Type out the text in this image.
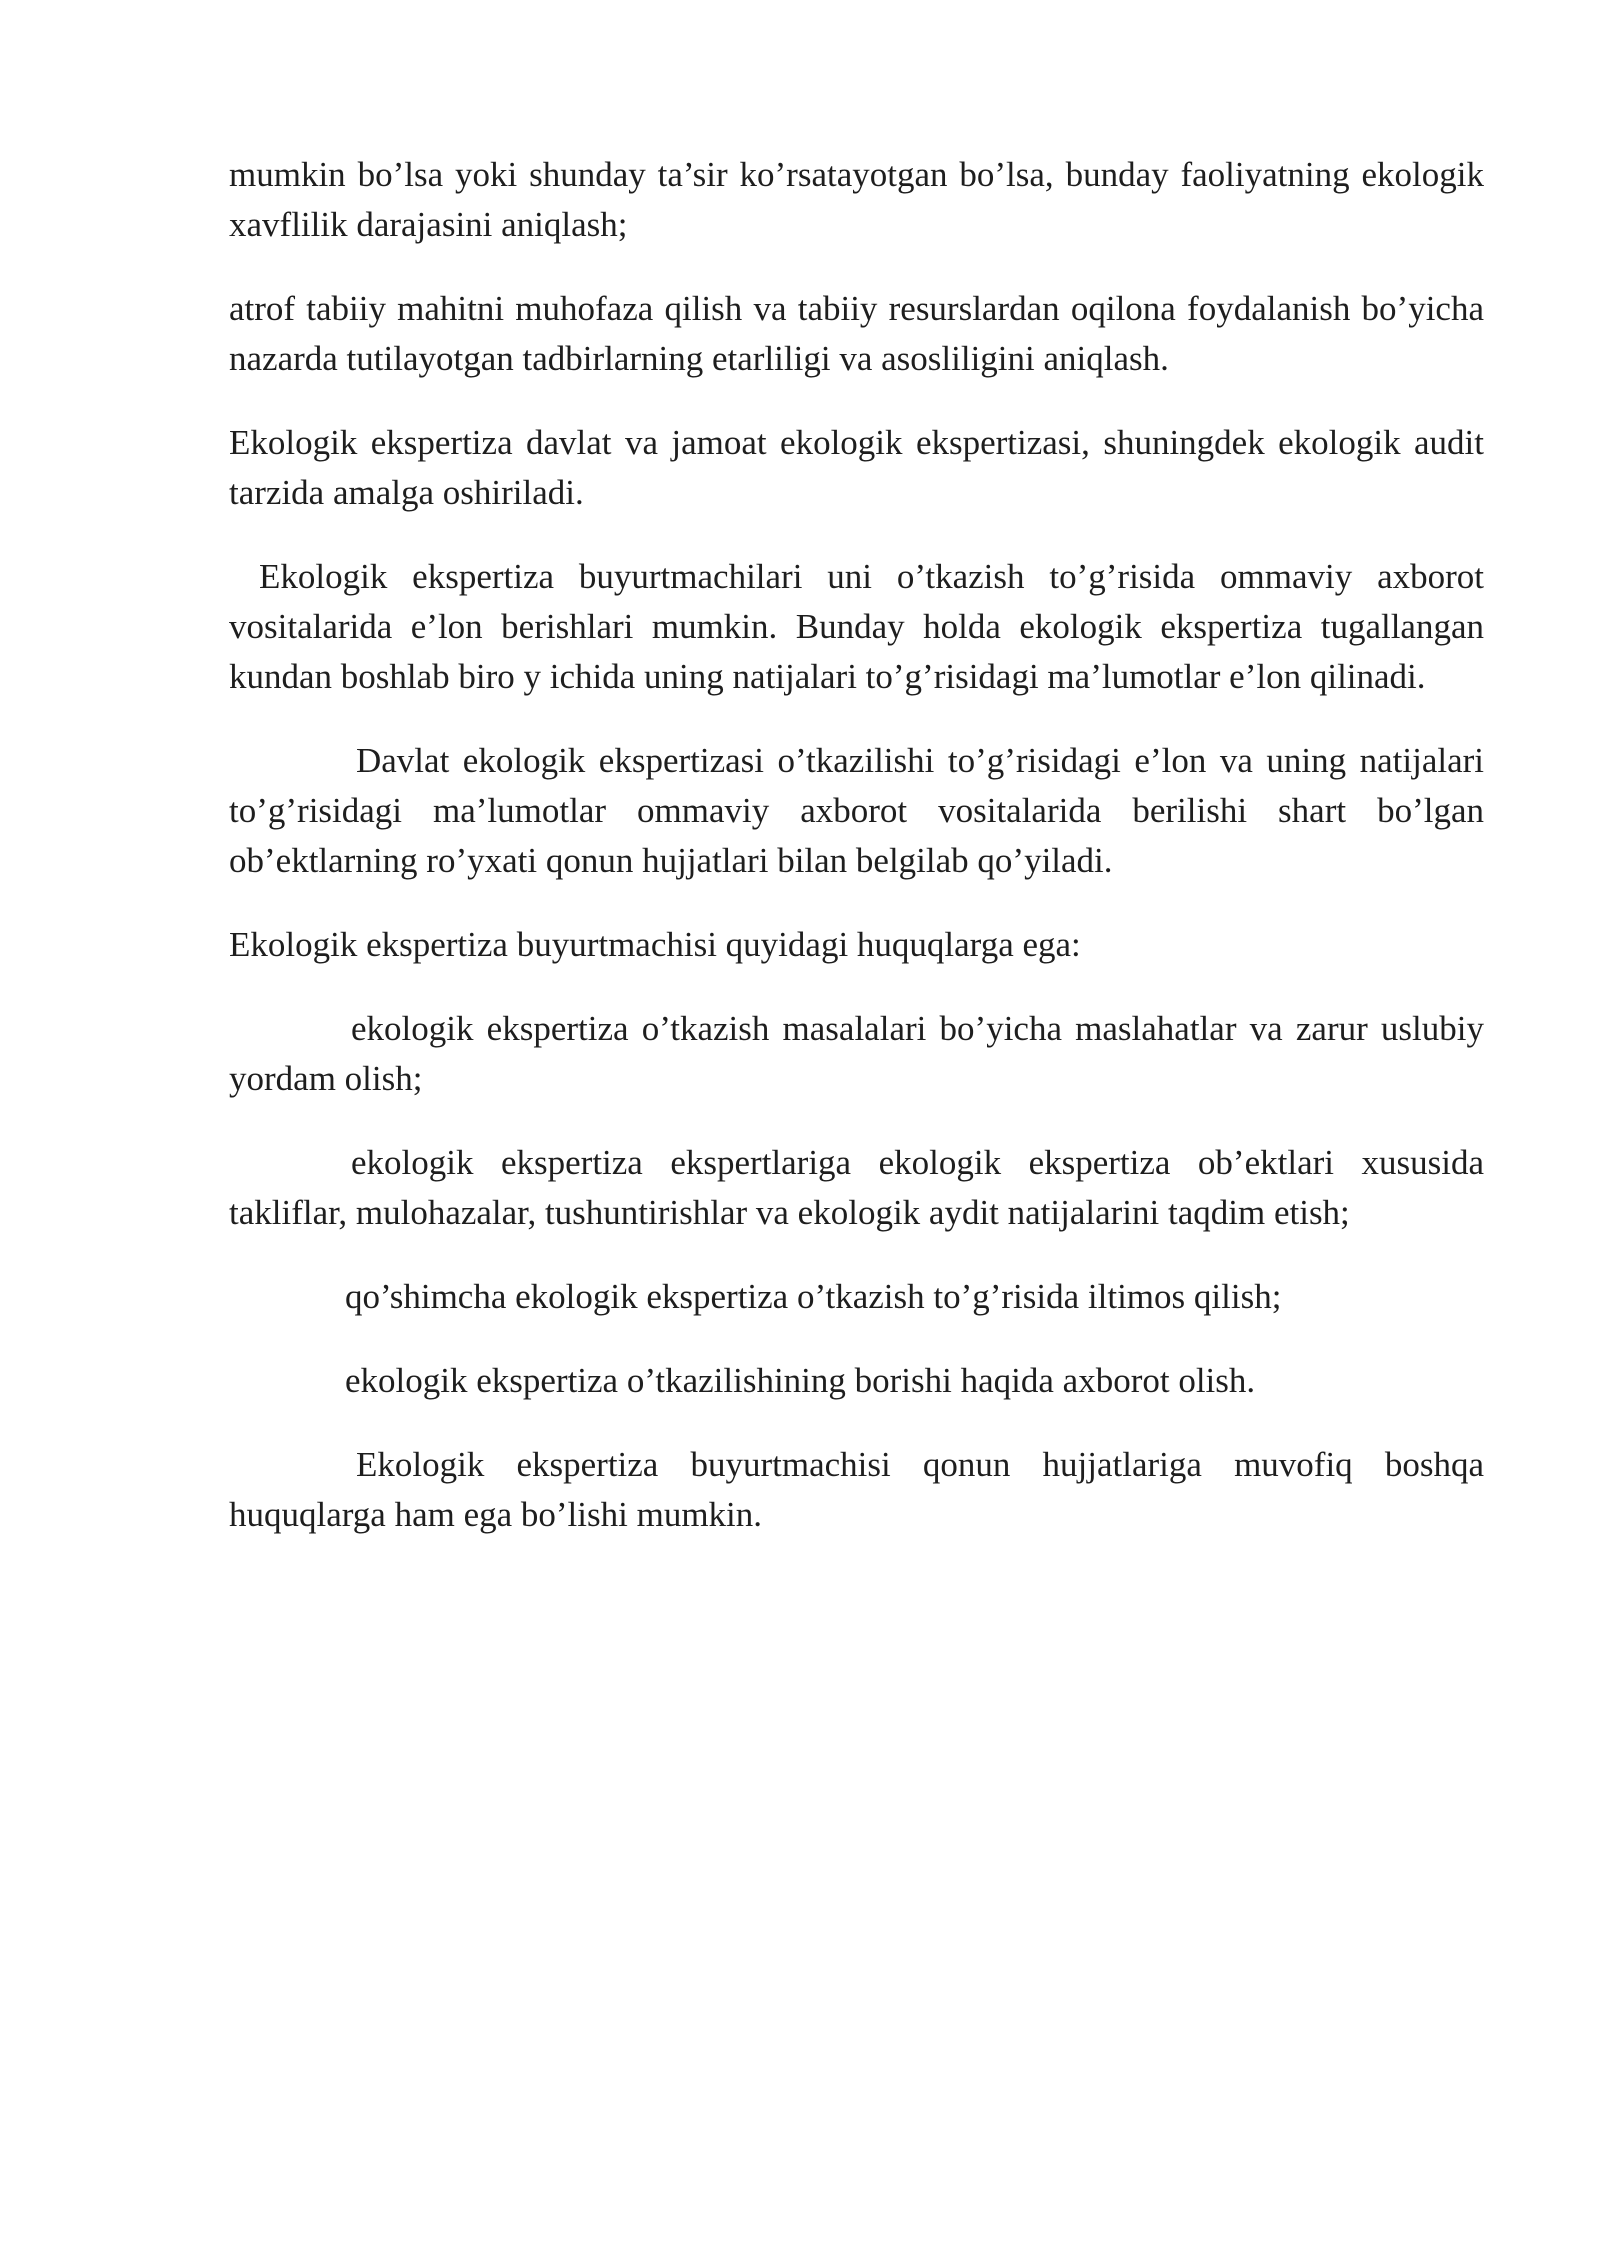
mumkin bo’lsa yoki shunday ta’sir ko’rsatayotgan bo’lsa, bunday faoliyatning ekologik xavflilik darajasini aniqlash;

atrof tabiiy mahitni muhofaza qilish va tabiiy resurslardan oqilona foydalanish bo’yicha nazarda tutilayotgan tadbirlarning etarliligi va asosliligini aniqlash.

Ekologik ekspertiza davlat va jamoat ekologik ekspertizasi, shuningdek ekologik audit tarzida amalga oshiriladi.

Ekologik ekspertiza buyurtmachilari uni o’tkazish to’g’risida ommaviy axborot vositalarida e’lon berishlari mumkin. Bunday holda ekologik ekspertiza tugallangan kundan boshlab biro y ichida uning natijalari to’g’risidagi ma’lumotlar e’lon qilinadi.

Davlat ekologik ekspertizasi o’tkazilishi to’g’risidagi e’lon va uning natijalari to’g’risidagi ma’lumotlar ommaviy axborot vositalarida berilishi shart bo’lgan ob’ektlarning ro’yxati qonun hujjatlari bilan belgilab qo’yiladi.

Ekologik ekspertiza buyurtmachisi quyidagi huquqlarga ega:

ekologik ekspertiza o’tkazish masalalari bo’yicha maslahatlar va zarur uslubiy yordam olish;

ekologik ekspertiza ekspertlariga ekologik ekspertiza ob’ektlari xususida takliflar, mulohazalar, tushuntirishlar va ekologik aydit natijalarini taqdim etish;

qo’shimcha ekologik ekspertiza o’tkazish to’g’risida iltimos qilish;

ekologik ekspertiza o’tkazilishining borishi haqida axborot olish.

Ekologik ekspertiza buyurtmachisi qonun hujjatlariga muvofiq boshqa huquqlarga ham ega bo’lishi mumkin.
